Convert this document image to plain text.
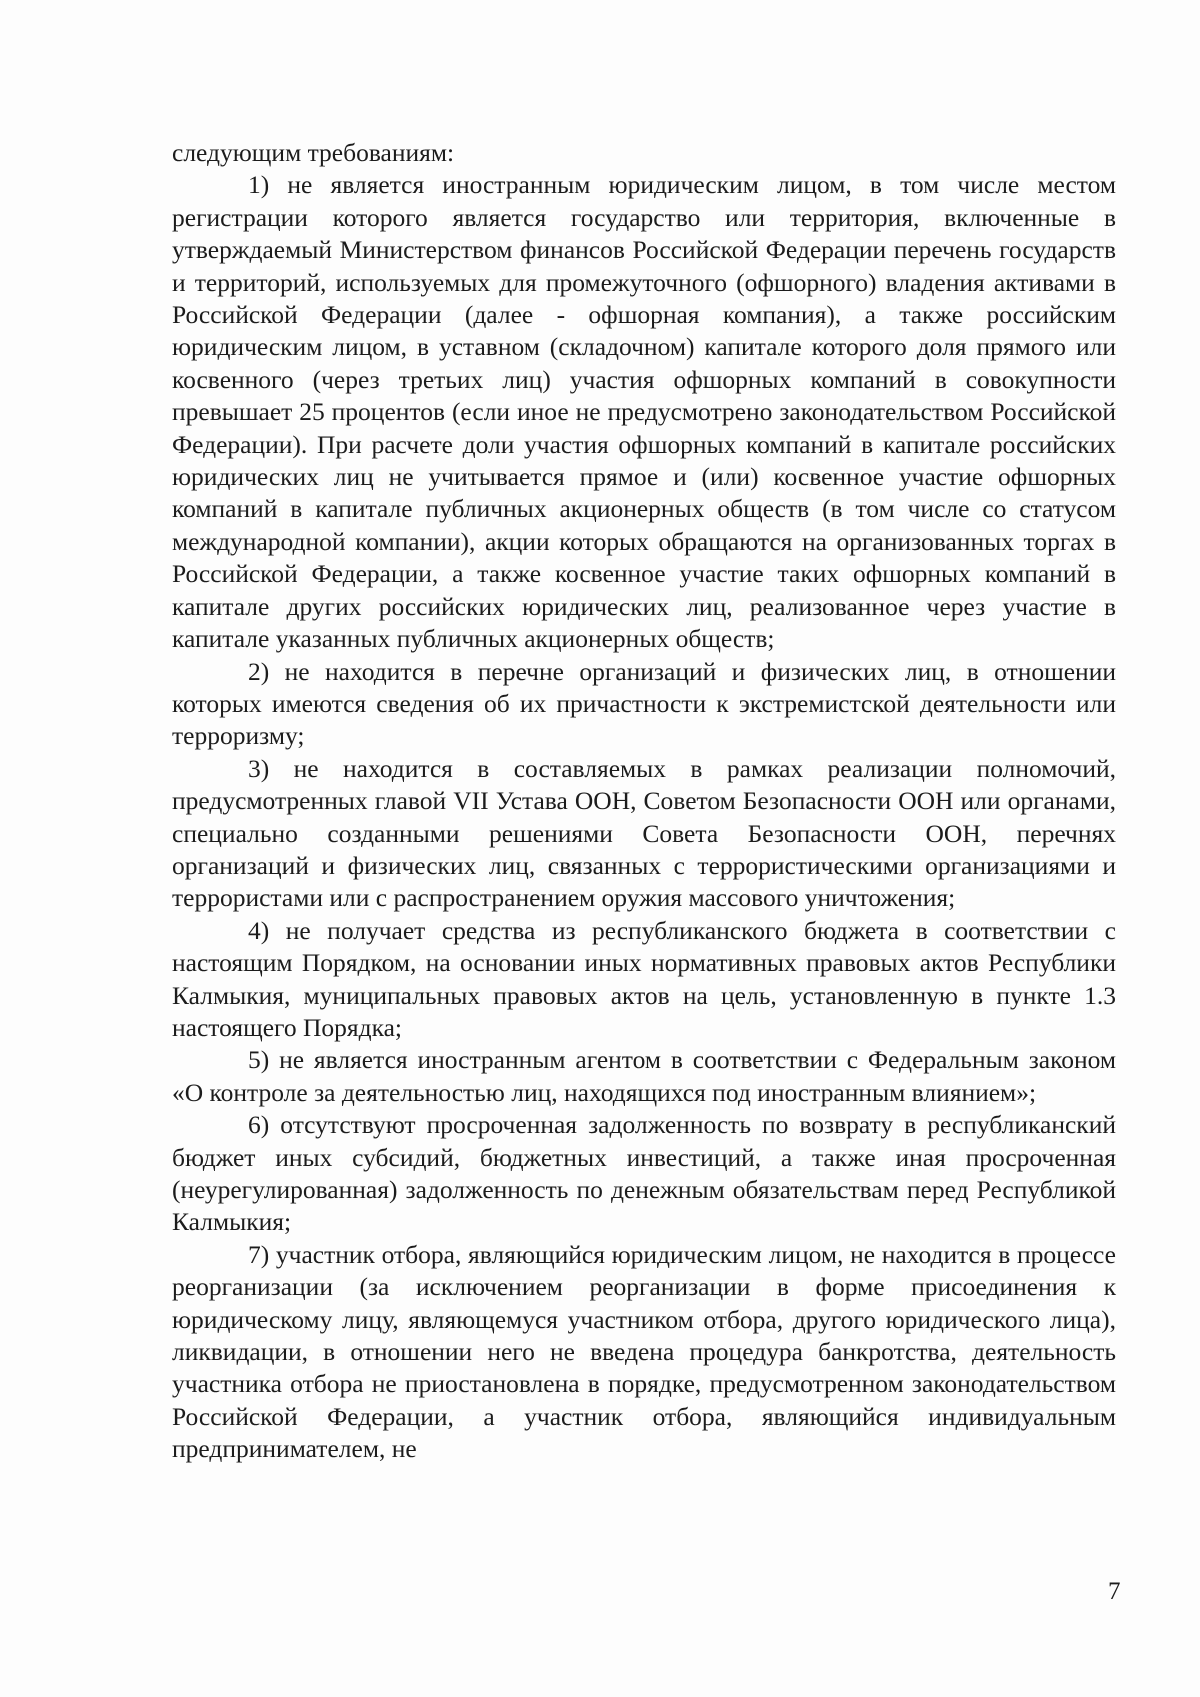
следующим требованиям:

1) не является иностранным юридическим лицом, в том числе местом регистрации которого является государство или территория, включенные в утверждаемый Министерством финансов Российской Федерации перечень государств и территорий, используемых для промежуточного (офшорного) владения активами в Российской Федерации (далее - офшорная компания), а также российским юридическим лицом, в уставном (складочном) капитале которого доля прямого или косвенного (через третьих лиц) участия офшорных компаний в совокупности превышает 25 процентов (если иное не предусмотрено законодательством Российской Федерации). При расчете доли участия офшорных компаний в капитале российских юридических лиц не учитывается прямое и (или) косвенное участие офшорных компаний в капитале публичных акционерных обществ (в том числе со статусом международной компании), акции которых обращаются на организованных торгах в Российской Федерации, а также косвенное участие таких офшорных компаний в капитале других российских юридических лиц, реализованное через участие в капитале указанных публичных акционерных обществ;

2) не находится в перечне организаций и физических лиц, в отношении которых имеются сведения об их причастности к экстремистской деятельности или терроризму;

3) не находится в составляемых в рамках реализации полномочий, предусмотренных главой VII Устава ООН, Советом Безопасности ООН или органами, специально созданными решениями Совета Безопасности ООН, перечнях организаций и физических лиц, связанных с террористическими организациями и террористами или с распространением оружия массового уничтожения;

4) не получает средства из республиканского бюджета в соответствии с настоящим Порядком, на основании иных нормативных правовых актов Республики Калмыкия, муниципальных правовых актов на цель, установленную в пункте 1.3 настоящего Порядка;

5) не является иностранным агентом в соответствии с Федеральным законом «О контроле за деятельностью лиц, находящихся под иностранным влиянием»;

6) отсутствуют просроченная задолженность по возврату в республиканский бюджет иных субсидий, бюджетных инвестиций, а также иная просроченная (неурегулированная) задолженность по денежным обязательствам перед Республикой Калмыкия;

7) участник отбора, являющийся юридическим лицом, не находится в процессе реорганизации (за исключением реорганизации в форме присоединения к юридическому лицу, являющемуся участником отбора, другого юридического лица), ликвидации, в отношении него не введена процедура банкротства, деятельность участника отбора не приостановлена в порядке, предусмотренном законодательством Российской Федерации, а участник отбора, являющийся индивидуальным предпринимателем, не

7
